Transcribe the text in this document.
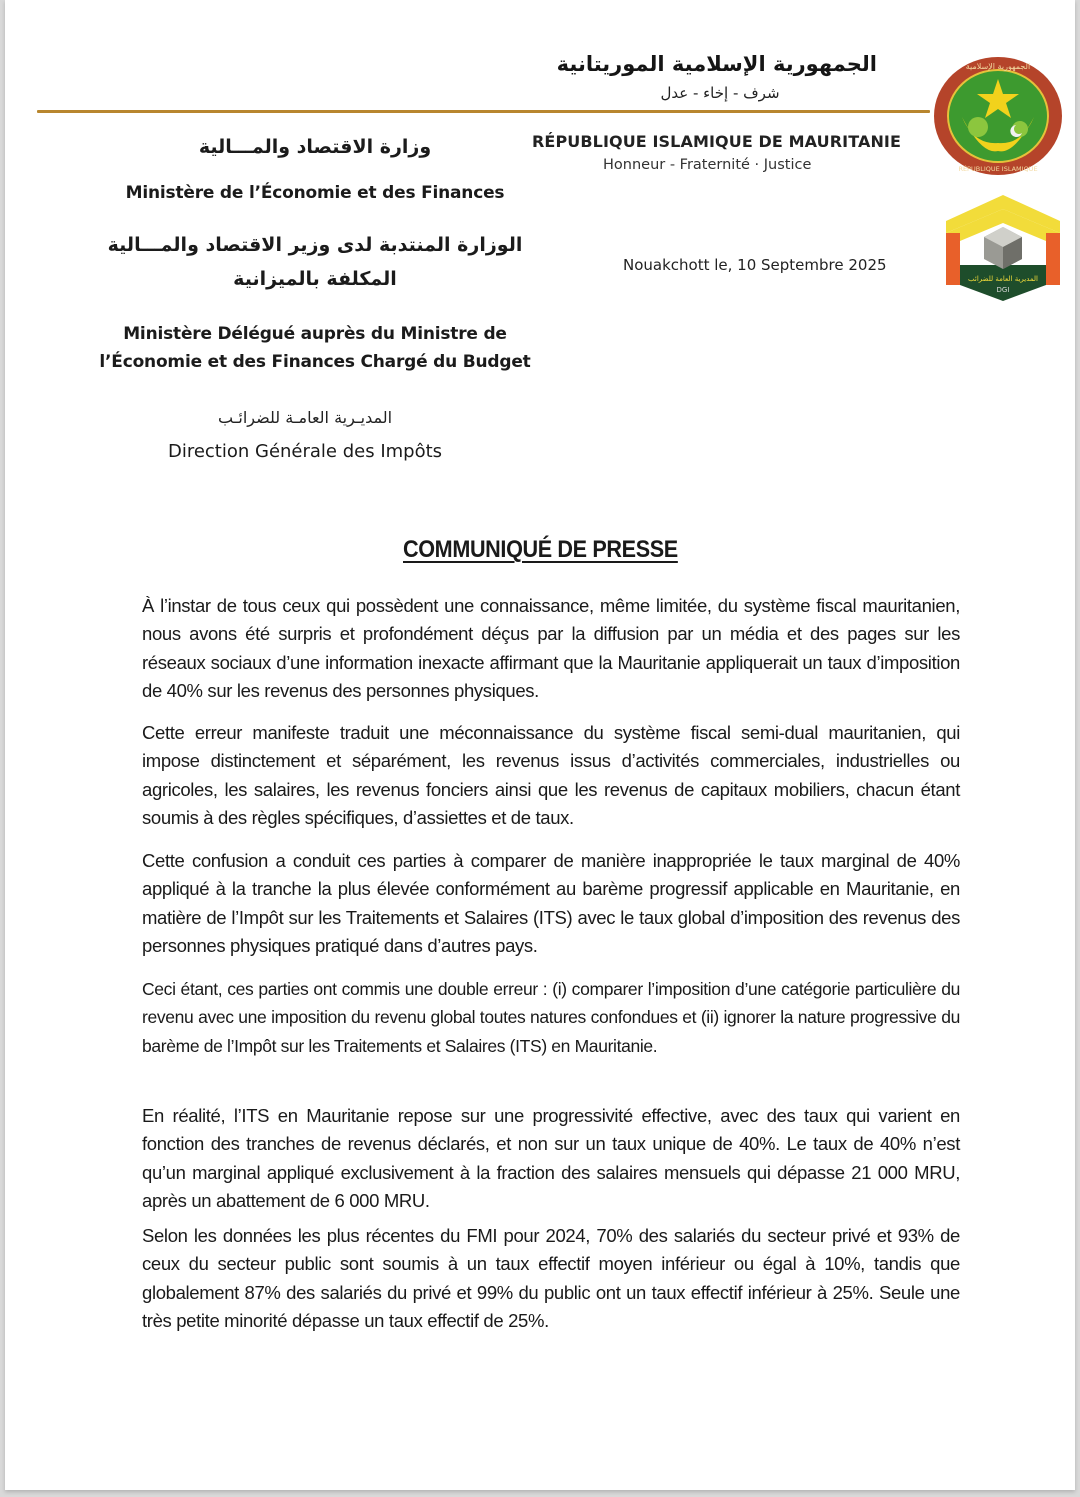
الجمهورية الإسلامية الموريتانية
شرف - إخاء - عدل
RÉPUBLIQUE ISLAMIQUE DE MAURITANIE
Honneur - Fraternité · Justice
الجمهورية الإسلامية
RÉPUBLIQUE ISLAMIQUE
وزارة الاقتصاد والمـــالية
Ministère de l’Économie et des Finances
الوزارة المنتدبة لدى وزير الاقتصاد والمـــالية
المكلفة بالميزانية
Ministère Délégué auprès du Ministre de
l’Économie et des Finances Chargé du Budget
المديـرية العامـة للضرائـب
Direction Générale des Impôts
Nouakchott le, 10 Septembre 2025
المديرية العامة للضرائب
DGI
COMMUNIQUÉ DE PRESSE

À l’instar de tous ceux qui possèdent une connaissance, même limitée, du système fiscal mauritanien, nous avons été surpris et profondément déçus par la diffusion par un média et des pages sur les réseaux sociaux d’une information inexacte affirmant que la Mauritanie appliquerait un taux d’imposition de 40% sur les revenus des personnes physiques.

Cette erreur manifeste traduit une méconnaissance du système fiscal semi-dual mauritanien, qui impose distinctement et séparément, les revenus issus d’activités commerciales, industrielles ou agricoles, les salaires, les revenus fonciers ainsi que les revenus de capitaux mobiliers, chacun étant soumis à des règles spécifiques, d’assiettes et de taux.

Cette confusion a conduit ces parties à comparer de manière inappropriée le taux marginal de 40% appliqué à la tranche la plus élevée conformément au barème progressif applicable en Mauritanie, en matière de l’Impôt sur les Traitements et Salaires (ITS) avec le taux global d’imposition des revenus des personnes physiques pratiqué dans d’autres pays.

Ceci étant, ces parties ont commis une double erreur : (i) comparer l’imposition d’une catégorie particulière du revenu avec une imposition du revenu global toutes natures confondues et (ii) ignorer la nature progressive du barème de l’Impôt sur les Traitements et Salaires (ITS) en Mauritanie.

En réalité, l’ITS en Mauritanie repose sur une progressivité effective, avec des taux qui varient en fonction des tranches de revenus déclarés, et non sur un taux unique de 40%. Le taux de 40% n’est qu’un marginal appliqué exclusivement à la fraction des salaires mensuels qui dépasse 21 000 MRU, après un abattement de 6 000 MRU.

Selon les données les plus récentes du FMI pour 2024, 70% des salariés du secteur privé et 93% de ceux du secteur public sont soumis à un taux effectif moyen inférieur ou égal à 10%, tandis que globalement 87% des salariés du privé et 99% du public ont un taux effectif inférieur à 25%. Seule une très petite minorité dépasse un taux effectif de 25%.
